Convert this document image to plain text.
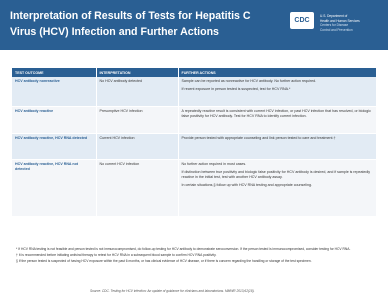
Interpretation of Results of Tests for Hepatitis C
Virus (HCV) Infection and Further Actions
CDC
U.S. Department of
Health and Human Services
Centers for Disease
Control and Prevention
TEST OUTCOME	INTERPRETATION	FURTHER ACTIONS
HCV antibody nonreactive	No HCV antibody detected	Sample can be reported as nonreactive for HCV antibody. No further action required.

If recent exposure in person tested is suspected, test for HCV RNA.*

HCV antibody reactive	Presumptive HCV infection	A repeatedly reactive result is consistent with current HCV infection, or past HCV infection that has resolved, or biologic false positivity for HCV antibody. Test for HCV RNA to identify current infection.

HCV antibody reactive, HCV RNA detected	Current HCV infection	Provide person tested with appropriate counseling and link person tested to care and treatment.†

HCV antibody reactive, HCV RNA not detected	No current HCV infection	No further action required in most cases.

If distinction between true positivity and biologic false positivity for HCV antibody is desired, and if sample is repeatedly reactive in the initial test, test with another HCV antibody assay.

In certain situations,§ follow up with HCV RNA testing and appropriate counseling.

* If HCV RNA testing is not feasible and person tested is not immunocompromised, do follow-up testing for HCV antibody to demonstrate seroconversion. If the person tested is immunocompromised, consider testing for HCV RNA.

† It is recommended before initiating antiviral therapy to retest for HCV RNA in a subsequent blood sample to confirm HCV RNA positivity.

§ If the person tested is suspected of having HCV exposure within the past 6 months, or has clinical evidence of HCV disease, or if there is concern regarding the handling or storage of the test specimen.

Source: CDC. Testing for HCV infection: An update of guidance for clinicians and laboratorians. MMWR 2013;62(18).
